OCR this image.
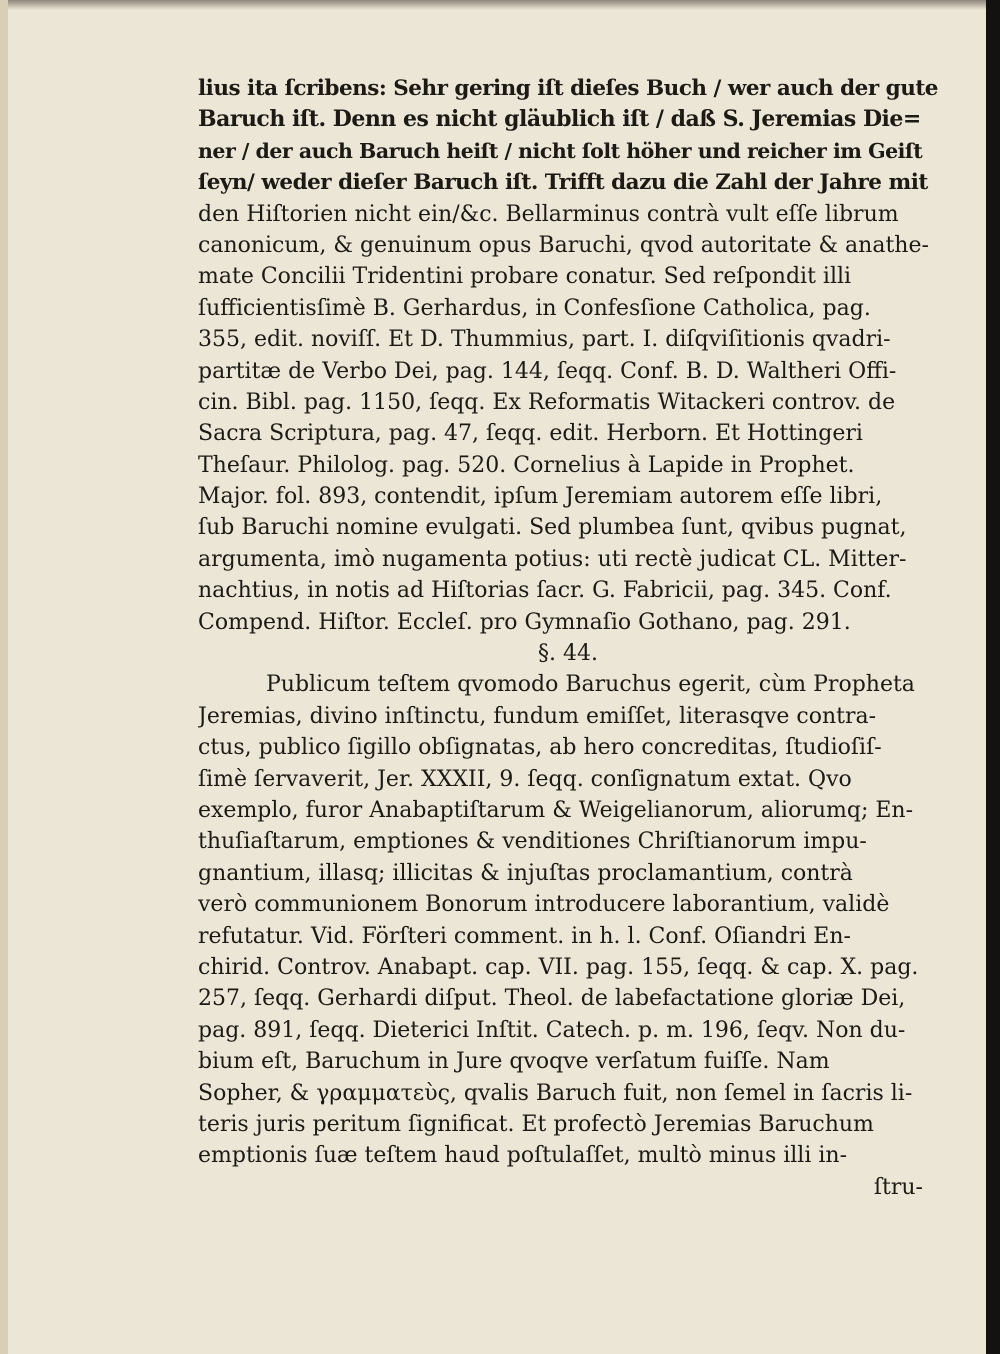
lius ita ſcribens: Sehr gering iſt dieſes Buch / wer auch der gute
Baruch iſt. Denn es nicht gläublich iſt / daß S. Jeremias Die=
ner / der auch Baruch heiſt / nicht ſolt höher und reicher im Geiſt
ſeyn/ weder dieſer Baruch iſt. Trifft dazu die Zahl der Jahre mit
den Hiſtorien nicht ein/&c. Bellarminus contrà vult eſſe librum
canonicum, & genuinum opus Baruchi, qvod autoritate & anathe-
mate Concilii Tridentini probare conatur. Sed reſpondit illi
ſufficientisſimè B. Gerhardus, in Confesſione Catholica, pag.
355, edit. noviſſ. Et D. Thummius, part. I. diſqviſitionis qvadri-
partitæ de Verbo Dei, pag. 144, ſeqq. Conf. B. D. Waltheri Offi-
cin. Bibl. pag. 1150, ſeqq. Ex Reformatis Witackeri controv. de
Sacra Scriptura, pag. 47, ſeqq. edit. Herborn. Et Hottingeri
Theſaur. Philolog. pag. 520. Cornelius à Lapide in Prophet.
Major. fol. 893, contendit, ipſum Jeremiam autorem eſſe libri,
ſub Baruchi nomine evulgati. Sed plumbea ſunt, qvibus pugnat,
argumenta, imò nugamenta potius: uti rectè judicat CL. Mitter-
nachtius, in notis ad Hiſtorias ſacr. G. Fabricii, pag. 345. Conf.
Compend. Hiſtor. Eccleſ. pro Gymnaſio Gothano, pag. 291.
§. 44.
Publicum teſtem qvomodo Baruchus egerit, cùm Propheta
Jeremias, divino inſtinctu, fundum emiſſet, literasqve contra-
ctus, publico ſigillo obſignatas, ab hero concreditas, ſtudioſiſ-
ſimè ſervaverit, Jer. XXXII, 9. ſeqq. conſignatum extat. Qvo
exemplo, furor Anabaptiſtarum & Weigelianorum, aliorumq; En-
thuſiaſtarum, emptiones & venditiones Chriſtianorum impu-
gnantium, illasq; illicitas & injuſtas proclamantium, contrà
verò communionem Bonorum introducere laborantium, validè
refutatur. Vid. Förſteri comment. in h. l. Conf. Oſiandri En-
chirid. Controv. Anabapt. cap. VII. pag. 155, ſeqq. & cap. X. pag.
257, ſeqq. Gerhardi diſput. Theol. de labefactatione gloriæ Dei,
pag. 891, ſeqq. Dieterici Inſtit. Catech. p. m. 196, ſeqv. Non du-
bium eſt, Baruchum in Jure qvoqve verſatum fuiſſe. Nam
Sopher, & γραμματεὺς, qvalis Baruch fuit, non ſemel in ſacris li-
teris juris peritum ſignificat. Et profectò Jeremias Baruchum
emptionis ſuæ teſtem haud poſtulaſſet, multò minus illi in-
ſtru-
